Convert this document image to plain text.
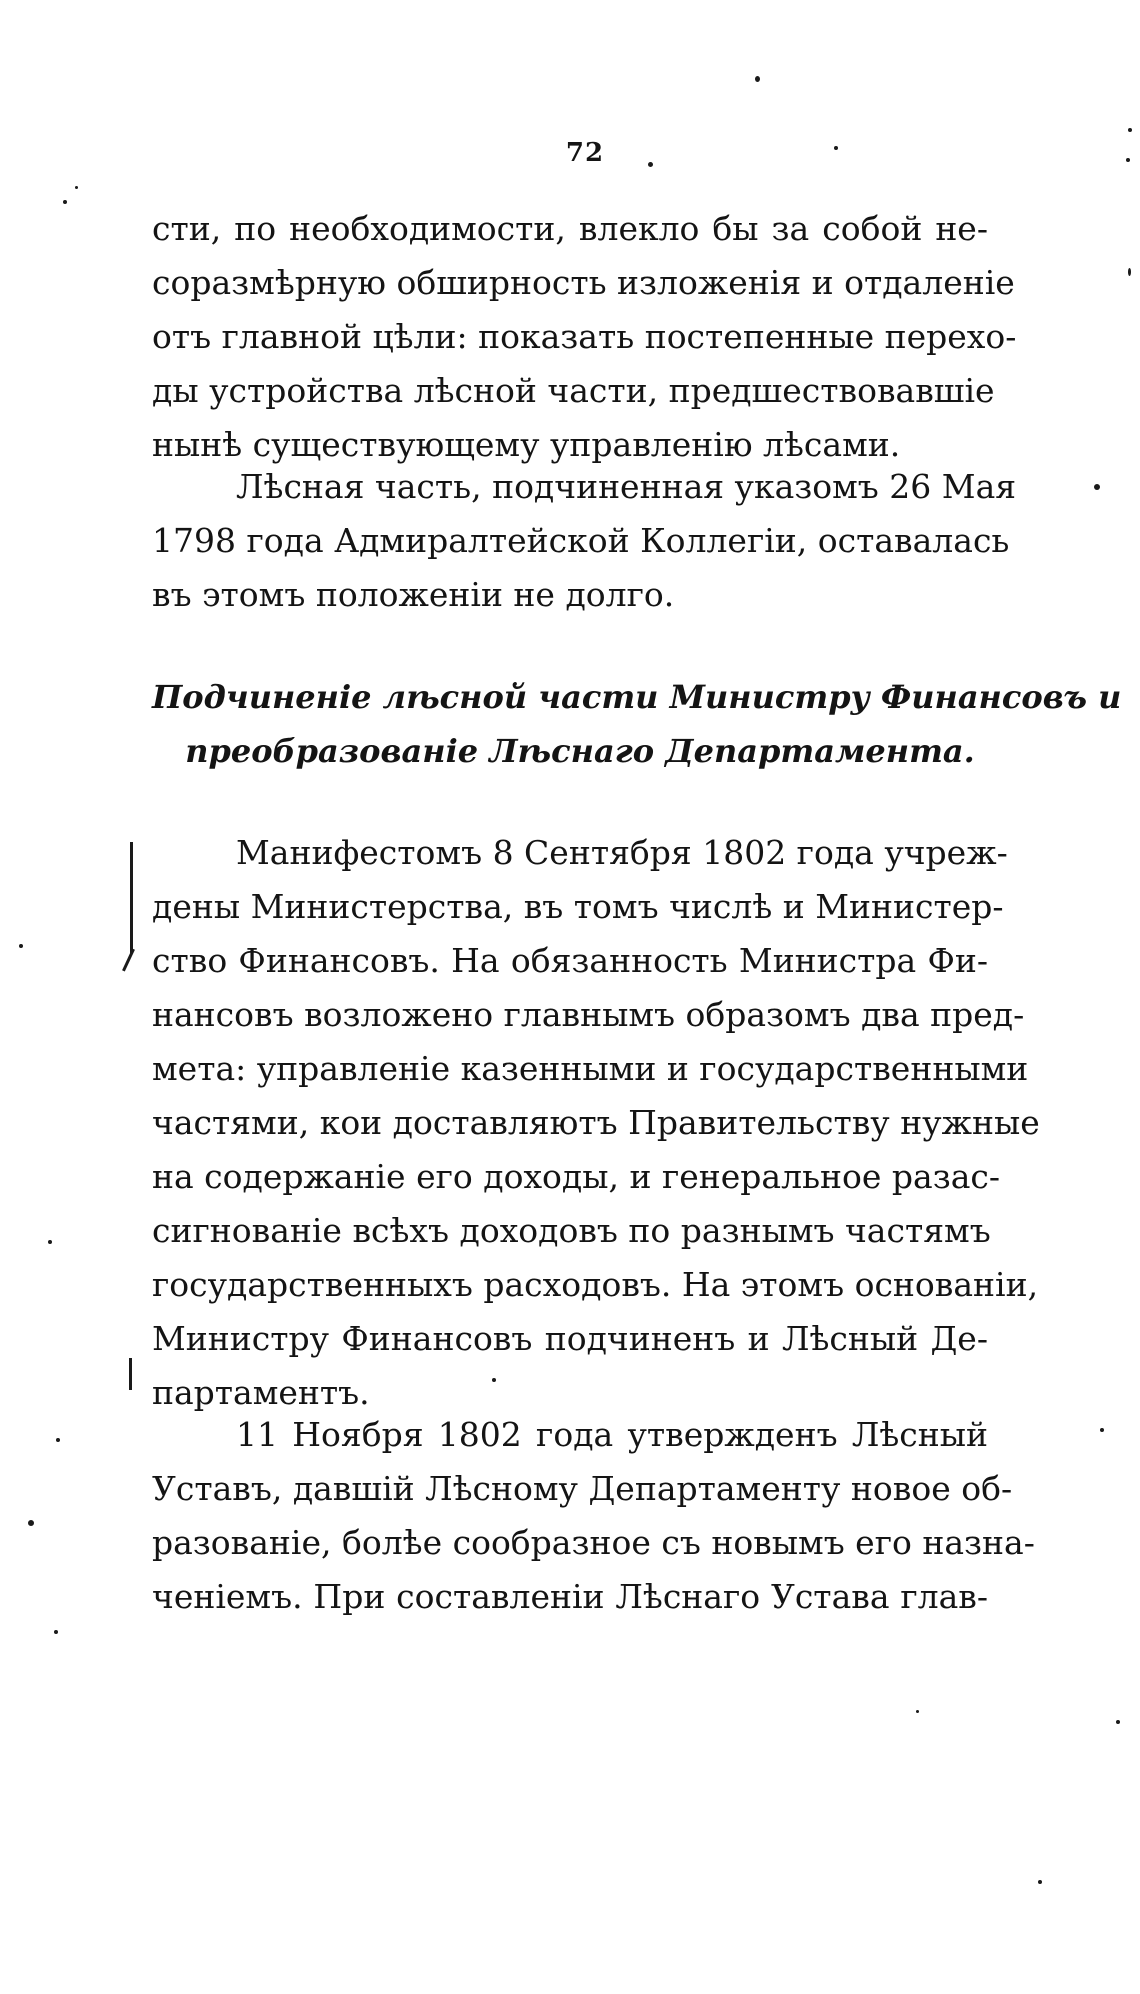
72
сти, по необходимости, влекло бы за собой не-
соразмѣрную обширность изложенія и отдаленіе
отъ главной цѣли: показать постепенные перехо-
ды устройства лѣсной части, предшествовавшіе
нынѣ существующему управленію лѣсами.
Лѣсная часть, подчиненная указомъ 26 Мая
1798 года Адмиралтейской Коллегіи, оставалась
въ этомъ положеніи не долго.
Подчиненіе лѣсной части Министру Финансовъ и
преобразованіе Лѣснаго Департамента.
Манифестомъ 8 Сентября 1802 года учреж-
дены Министерства, въ томъ числѣ и Министер-
ство Финансовъ. На обязанность Министра Фи-
нансовъ возложено главнымъ образомъ два пред-
мета: управленіе казенными и государственными
частями, кои доставляютъ Правительству нужные
на содержаніе его доходы, и генеральное разас-
сигнованіе всѣхъ доходовъ по разнымъ частямъ
государственныхъ расходовъ. На этомъ основаніи,
Министру Финансовъ подчиненъ и Лѣсный Де-
партаментъ.
11 Ноября 1802 года утвержденъ Лѣсный
Уставъ, давшій Лѣсному Департаменту новое об-
разованіе, болѣе сообразное съ новымъ его назна-
ченіемъ. При составленіи Лѣснаго Устава глав-
